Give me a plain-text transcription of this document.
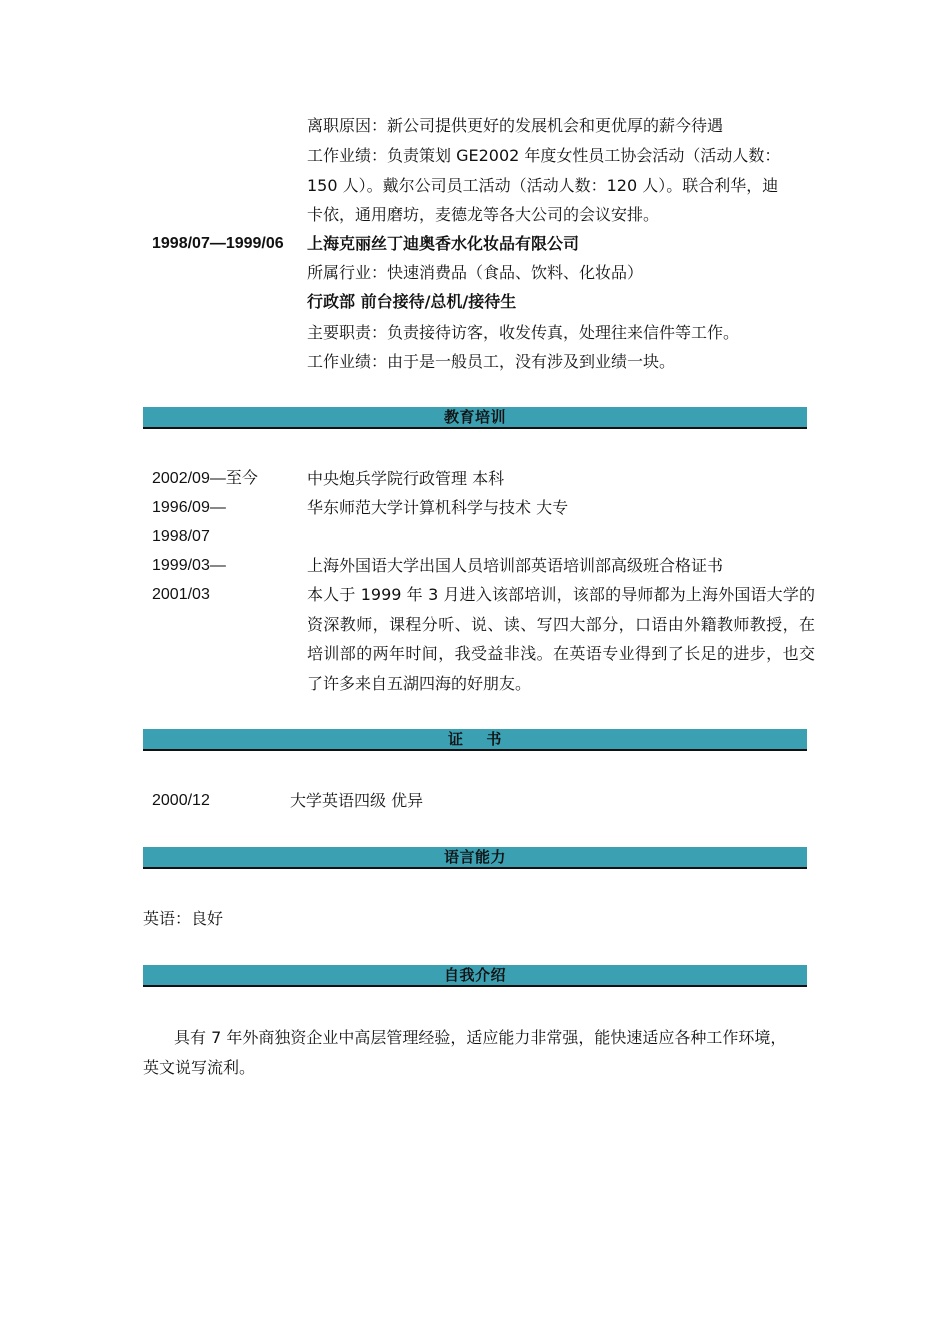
离职原因：新公司提供更好的发展机会和更优厚的薪今待遇
工作业绩：负责策划 GE2002 年度女性员工协会活动（活动人数：
150 人）。戴尔公司员工活动（活动人数：120 人）。联合利华，迪
卡依，通用磨坊，麦德龙等各大公司的会议安排。
1998/07—1999/06 上海克丽丝丁迪奥香水化妆品有限公司
所属行业：快速消费品（食品、饮料、化妆品）
行政部 前台接待/总机/接待生
主要职责：负责接待访客，收发传真，处理往来信件等工作。
工作业绩：由于是一般员工，没有涉及到业绩一块。
教育培训
2002/09—至今	中央炮兵学院行政管理 本科
1996/09—	华东师范大学计算机科学与技术 大专
1998/07
1999/03—	上海外国语大学出国人员培训部英语培训部高级班合格证书
2001/03	本人于 1999 年 3 月进入该部培训，该部的导师都为上海外国语大学的资深教师，课程分听、说、读、写四大部分，口语由外籍教师教授，在培训部的两年时间，我受益非浅。在英语专业得到了长足的进步，也交了许多来自五湖四海的好朋友。
证    书
2000/12	大学英语四级 优异
语言能力
英语：良好
自我介绍
具有 7 年外商独资企业中高层管理经验，适应能力非常强，能快速适应各种工作环境，
英文说写流利。
